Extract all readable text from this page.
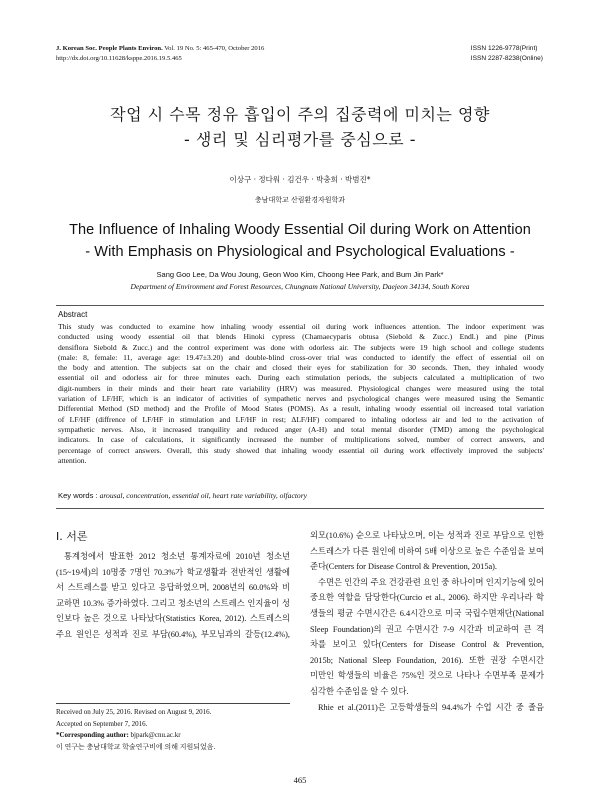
J. Korean Soc. People Plants Environ. Vol. 19 No. 5: 465-470, October 2016
http://dx.doi.org/10.11628/ksppe.2016.19.5.465
ISSN 1226-9778(Print)
ISSN 2287-8238(Online)
작업 시 수목 정유 흡입이 주의 집중력에 미치는 영향
- 생리 및 심리평가를 중심으로 -
이상구 · 정다워 · 김건우 · 박충희 · 박범진*
충남대학교 산림환경자원학과
The Influence of Inhaling Woody Essential Oil during Work on Attention
- With Emphasis on Physiological and Psychological Evaluations -
Sang Goo Lee, Da Wou Joung, Geon Woo Kim, Choong Hee Park, and Bum Jin Park*
Department of Environment and Forest Resources, Chungnam National University, Daejeon 34134, South Korea
Abstract
This study was conducted to examine how inhaling woody essential oil during work influences attention. The indoor experiment was
conducted using woody essential oil that blends Hinoki cypress (Chamaecyparis obtusa (Siebold & Zucc.) Endl.) and pine (Pinus
densiflora Siebold & Zucc.) and the control experiment was done with odorless air. The subjects were 19 high school and college students
(male: 8, female: 11, average age: 19.47±3.20) and double-blind cross-over trial was conducted to identify the effect of essential oil on
the body and attention. The subjects sat on the chair and closed their eyes for stabilization for 30 seconds. Then, they inhaled woody
essential oil and odorless air for three minutes each. During each stimulation periods, the subjects calculated a multiplication of two
digit-numbers in their minds and their heart rate variability (HRV) was measured. Physiological changes were measured using the total
variation of LF/HF, which is an indicator of activities of sympathetic nerves and psychological changes were measured using the Semantic
Differential Method (SD method) and the Profile of Mood States (POMS). As a result, inhaling woody essential oil increased total variation
of LF/HF (diffrence of LF/HF in stimulation and LF/HF in rest; ΔLF/HF) compared to inhaling odorless air and led to the activation of
sympathetic nerves. Also, it increased tranquility and reduced anger (A-H) and total mental disorder (TMD) among the psychological
indicators. In case of calculations, it significantly increased the number of multiplications solved, number of correct answers, and
percentage of correct answers. Overall, this study showed that inhaling woody essential oil during work effectively improved the subjects'
attention.
Key words : arousal, concentration, essential oil, heart rate variability, olfactory
Ⅰ. 서론
통계청에서 발표한 2012 청소년 통계자료에 2010년 청소년
(15~19세)의 10명중 7명인 70.3%가 학교생활과 전반적인 생활에
서 스트레스를 받고 있다고 응답하였으며, 2008년의 60.0%와 비
교하면 10.3% 증가하였다. 그리고 청소년의 스트레스 인지율이 성
인보다 높은 것으로 나타났다(Statistics Korea, 2012). 스트레스의
주요 원인은 성적과 진로 부담(60.4%), 부모님과의 갈등(12.4%),
외모(10.6%) 순으로 나타났으며, 이는 성적과 진로 부담으로 인한
스트레스가 다른 원인에 비하여 5배 이상으로 높은 수준임을 보여
준다(Centers for Disease Control & Prevention, 2015a).
수면은 인간의 주요 건강관련 요인 중 하나이며 인지기능에 있어
중요한 역할을 담당한다(Curcio et al., 2006). 하지만 우리나라 학
생들의 평균 수면시간은 6.4시간으로 미국 국립수면재단(National
Sleep Foundation)의 권고 수면시간 7-9 시간과 비교하여 큰 격
차를 보이고 있다(Centers for Disease Control & Prevention,
2015b; National Sleep Foundation, 2016). 또한 권장 수면시간
미만인 학생들의 비율은 75%인 것으로 나타나 수면부족 문제가
심각한 수준임을 알 수 있다.
Rhie et al.(2011)은 고등학생들의 94.4%가 수업 시간 중 졸음
Received on July 25, 2016. Revised on August 9, 2016.
Accepted on September 7, 2016.
*Corresponding author: bjpark@cnu.ac.kr
이 연구는 충남대학교 학술연구비에 의해 지원되었음.
465
